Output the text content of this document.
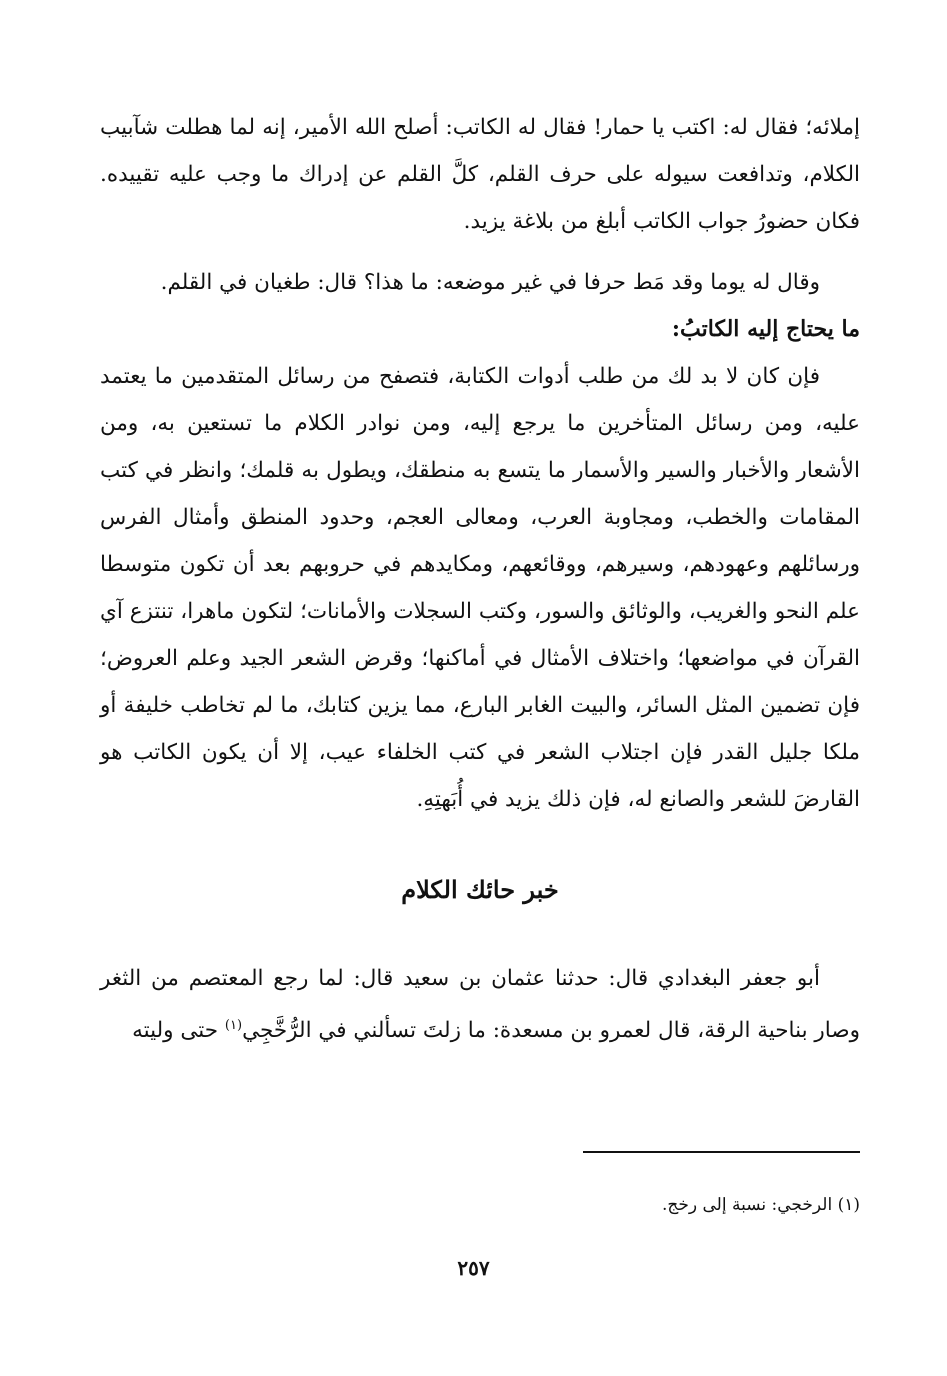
إملائه؛ فقال له: اكتب يا حمار! فقال له الكاتب: أصلح الله الأمير، إنه لما هطلت شآبيب الكلام، وتدافعت سيوله على حرف القلم، كلَّ القلم عن إدراك ما وجب عليه تقييده. فكان حضورُ جواب الكاتب أبلغ من بلاغة يزيد.

وقال له يوما وقد مَط حرفا في غير موضعه: ما هذا؟ قال: طغيان في القلم.

ما يحتاج إليه الكاتبُ:

فإن كان لا بد لك من طلب أدوات الكتابة، فتصفح من رسائل المتقدمين ما يعتمد عليه، ومن رسائل المتأخرين ما يرجع إليه، ومن نوادر الكلام ما تستعين به، ومن الأشعار والأخبار والسير والأسمار ما يتسع به منطقك، ويطول به قلمك؛ وانظر في كتب المقامات والخطب، ومجاوبة العرب، ومعالى العجم، وحدود المنطق وأمثال الفرس ورسائلهم وعهودهم، وسيرهم، ووقائعهم، ومكايدهم في حروبهم بعد أن تكون متوسطا علم النحو والغريب، والوثائق والسور، وكتب السجلات والأمانات؛ لتكون ماهرا، تنتزع آي القرآن في مواضعها؛ واختلاف الأمثال في أماكنها؛ وقرض الشعر الجيد وعلم العروض؛ فإن تضمين المثل السائر، والبيت الغابر البارع، مما يزين كتابك، ما لم تخاطب خليفة أو ملكا جليل القدر فإن اجتلاب الشعر في كتب الخلفاء عيب، إلا أن يكون الكاتب هو القارضَ للشعر والصانع له، فإن ذلك يزيد في أُبَهتِهِ.

خبر حائك الكلام

أبو جعفر البغدادي قال: حدثنا عثمان بن سعيد قال: لما رجع المعتصم من الثغر وصار بناحية الرقة، قال لعمرو بن مسعدة: ما زلتَ تسألني في الرُّخَّجِي$^{(١)}$ حتى وليته

(١) الرخجي: نسبة إلى رخج.
٢٥٧
